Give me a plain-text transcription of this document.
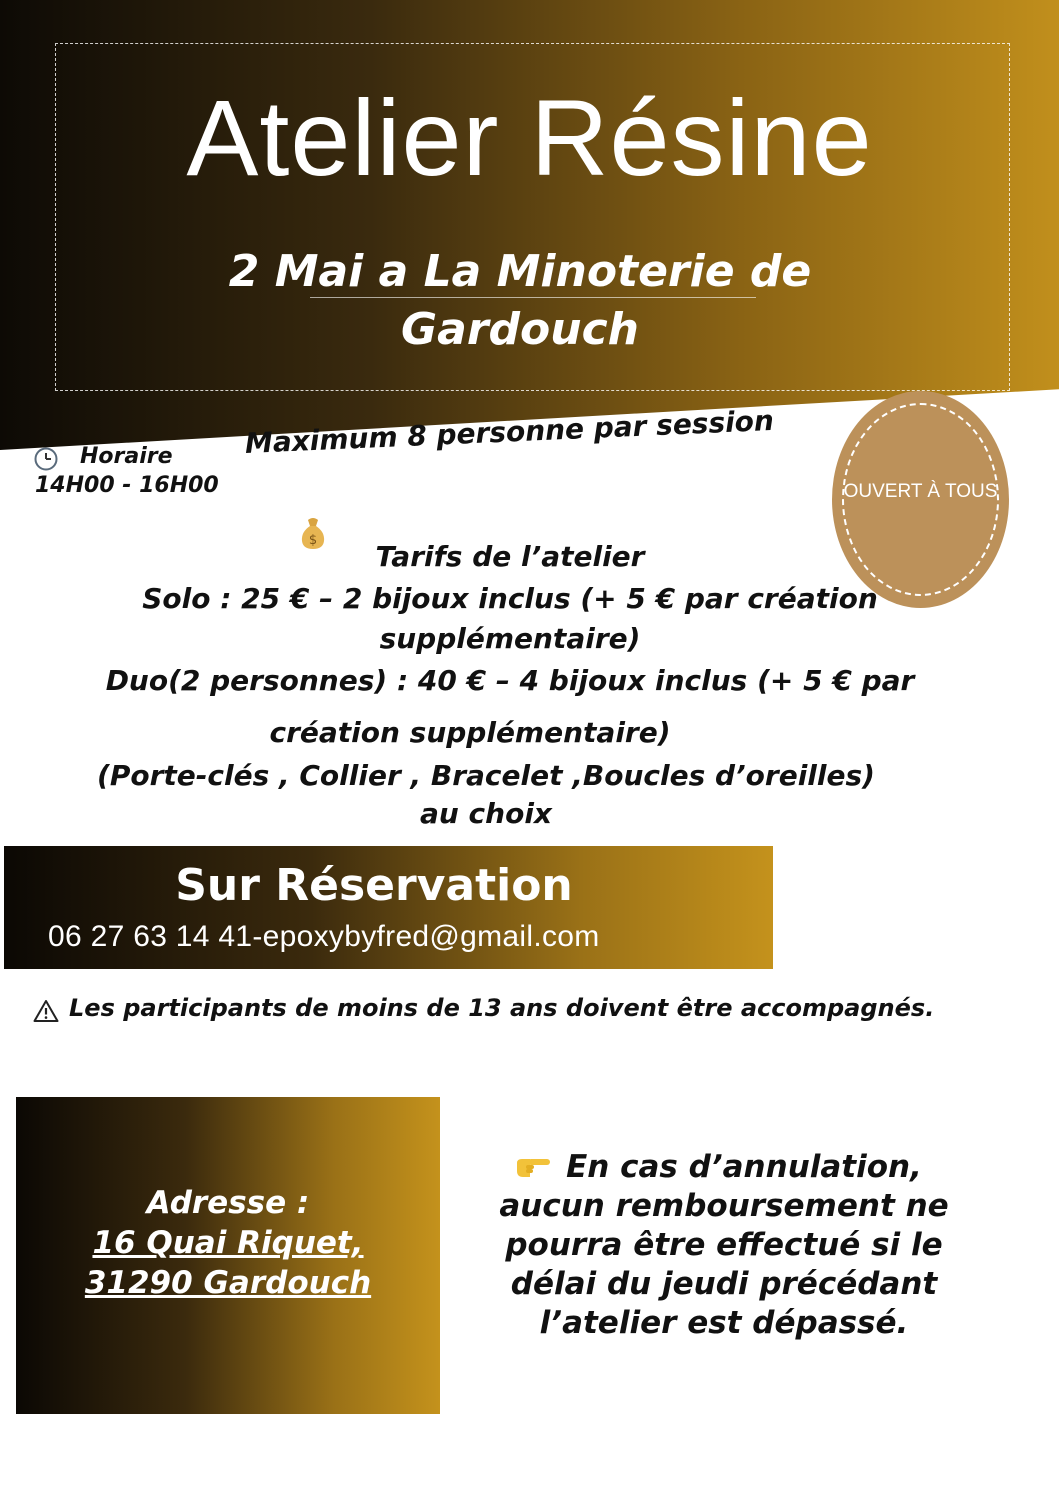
Atelier Résine
2 Mai a La Minoterie de Gardouch
Horaire
14H00 - 16H00
Maximum 8 personne par session
OUVERT À TOUS
$	Tarifs de l’atelier
Solo : 25 € – 2 bijoux inclus (+ 5 € par création
supplémentaire)
Duo(2 personnes) : 40 € – 4 bijoux inclus (+ 5 € par
création supplémentaire)
(Porte-clés , Collier , Bracelet ,Boucles d’oreilles)
au choix
Sur Réservation
06 27 63 14 41-epoxybyfred@gmail.com
Les participants de moins de 13 ans doivent être accompagnés.
Adresse :
16 Quai Riquet, 31290 Gardouch
En cas d’annulation, aucun remboursement ne pourra être effectué si le délai du jeudi précédant l’atelier est dépassé.
